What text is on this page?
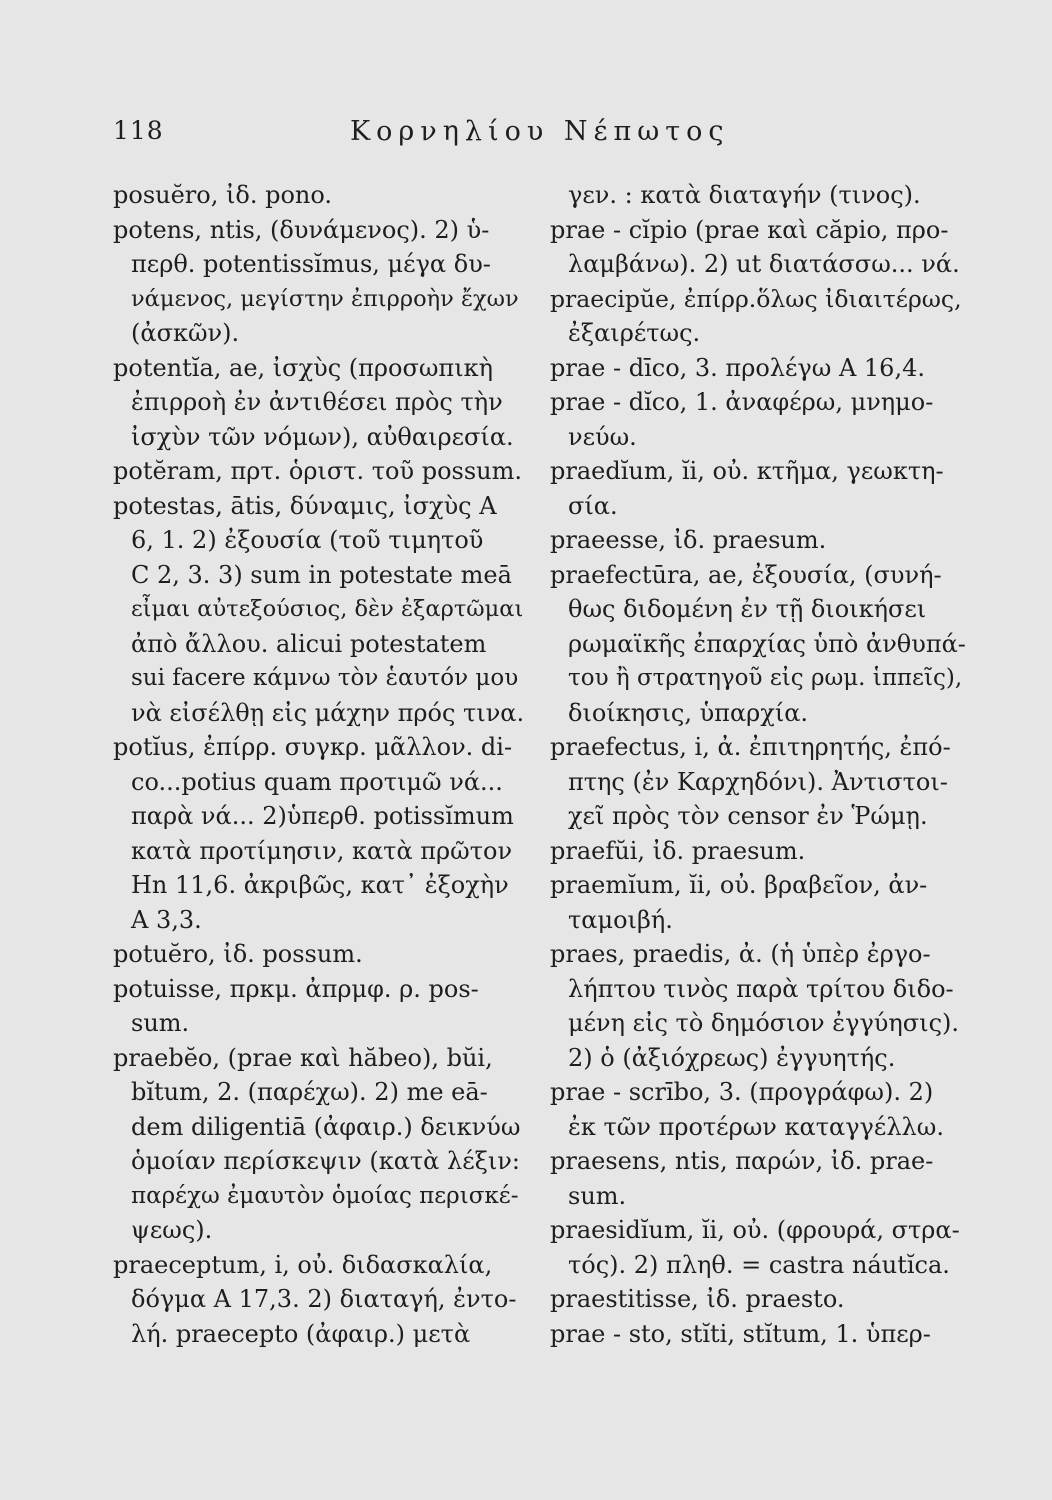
118	Κορνηλίου Νέπωτος
posuĕro, ἰδ. pono.
potens, ntis, (δυνάμενος). 2) ὑ-
περθ. potentissĭmus, μέγα δυ-
νάμενος, μεγίστην ἐπιρροὴν ἔχων
(ἀσκῶν).
potentĭa, ae, ἰσχὺς (προσωπικὴ
ἐπιρροὴ ἐν ἀντιθέσει πρὸς τὴν
ἰσχὺν τῶν νόμων), αὐθαιρεσία.
potĕram, πρτ. ὁριστ. τοῦ possum.
potestas, ātis, δύναμις, ἰσχὺς A
6, 1. 2) ἐξουσία (τοῦ τιμητοῦ
C 2, 3. 3) sum in potestate meā
εἶμαι αὐτεξούσιος, δὲν ἐξαρτῶμαι
ἀπὸ ἄλλου. alicui potestatem
sui facere κάμνω τὸν ἑαυτόν μου
νὰ εἰσέλθῃ εἰς μάχην πρός τινα.
potĭus, ἐπίρρ. συγκρ. μᾶλλον. di-
co...potius quam προτιμῶ νά...
παρὰ νά... 2)ὑπερθ. potissĭmum
κατὰ προτίμησιν, κατὰ πρῶτον
Hn 11,6. ἀκριβῶς, κατ᾽ ἐξοχὴν
A 3,3.
potuĕro, ἰδ. possum.
potuisse, πρκμ. ἀπρμφ. ρ. pos-
sum.
praebĕo, (prae καὶ hăbeo), bŭi,
bĭtum, 2. (παρέχω). 2) me eā-
dem diligentiā (ἀφαιρ.) δεικνύω
ὁμοίαν περίσκεψιν (κατὰ λέξιν:
παρέχω ἐμαυτὸν ὁμοίας περισκέ-
ψεως).
praeceptum, i, οὐ. διδασκαλία,
δόγμα A 17,3. 2) διαταγή, ἐντο-
λή. praecepto (ἀφαιρ.) μετὰ
γεν. : κατὰ διαταγήν (τινος).
prae - cĭpio (prae καὶ căpio, προ-
λαμβάνω). 2) ut διατάσσω... νά.
praecipŭe, ἐπίρρ.ὅλως ἰδιαιτέρως,
ἐξαιρέτως.
prae - dīco, 3. προλέγω A 16,4.
prae - dĭco, 1. ἀναφέρω, μνημο-
νεύω.
praedĭum, ĭi, οὐ. κτῆμα, γεωκτη-
σία.
praeesse, ἰδ. praesum.
praefectūra, ae, ἐξουσία, (συνή-
θως διδομένη ἐν τῇ διοικήσει
ρωμαϊκῆς ἐπαρχίας ὑπὸ ἀνθυπά-
του ἢ στρατηγοῦ εἰς ρωμ. ἱππεῖς),
διοίκησις, ὑπαρχία.
praefectus, i, ἀ. ἐπιτηρητής, ἐπό-
πτης (ἐν Καρχηδόνι). Ἀντιστοι-
χεῖ πρὸς τὸν censor ἐν Ῥώμῃ.
praefŭi, ἰδ. praesum.
praemĭum, ĭi, οὐ. βραβεῖον, ἀν-
ταμοιβή.
praes, praedis, ἀ. (ἡ ὑπὲρ ἐργο-
λήπτου τινὸς παρὰ τρίτου διδο-
μένη εἰς τὸ δημόσιον ἐγγύησις).
2) ὁ (ἀξιόχρεως) ἐγγυητής.
prae - scrībo, 3. (προγράφω). 2)
ἐκ τῶν προτέρων καταγγέλλω.
praesens, ntis, παρών, ἰδ. prae-
sum.
praesidĭum, ĭi, οὐ. (φρουρά, στρα-
τός). 2) πληθ. = castra náutĭca.
praestitisse, ἰδ. praesto.
prae - sto, stĭti, stĭtum, 1. ὑπερ-
